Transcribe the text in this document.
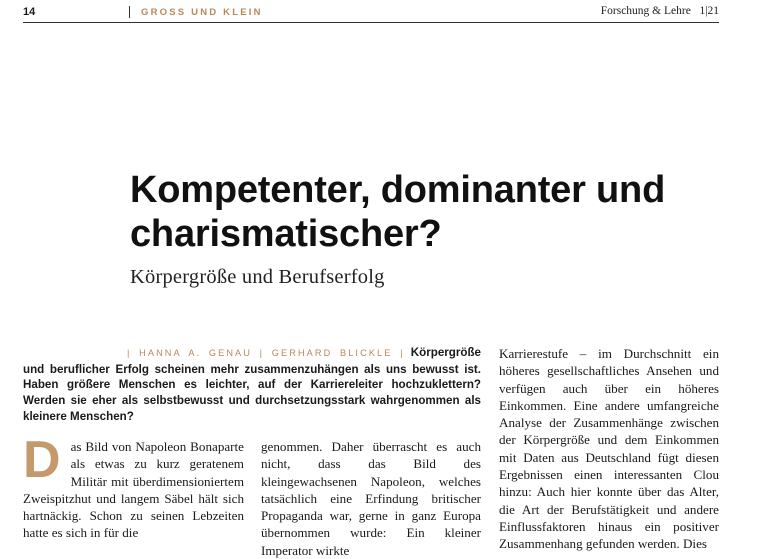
14	GROSS UND KLEIN	Forschung & Lehre   1|21
Kompetenter, dominanter und charismatischer?
Körpergröße und Berufserfolg
| HANNA A. GENAU | GERHARD BLICKLE | Körpergröße und beruflicher Erfolg scheinen mehr zusammenzuhängen als uns bewusst ist. Haben größere Menschen es leichter, auf der Karriereleiter hochzuklettern? Werden sie eher als selbstbewusst und durchsetzungsstark wahrgenommen als kleinere Menschen?
Das Bild von Napoleon Bonaparte als etwas zu kurz geratenem Militär mit überdimensioniertem Zweispitzhut und langem Säbel hält sich hartnäckig. Schon zu seinen Lebzeiten hatte es sich in für die
genommen. Daher überrascht es auch nicht, dass das Bild des kleingewachsenen Napoleon, welches tatsächlich eine Erfindung britischer Propaganda war, gerne in ganz Europa übernommen wurde: Ein kleiner Imperator wirkte
Karrierestufe – im Durchschnitt ein höheres gesellschaftliches Ansehen und verfügen auch über ein höheres Einkommen. Eine andere umfangreiche Analyse der Zusammenhänge zwischen der Körpergröße und dem Einkommen mit Daten aus Deutschland fügt diesen Ergebnissen einen interessanten Clou hinzu: Auch hier konnte über das Alter, die Art der Berufstätigkeit und andere Einflussfaktoren hinaus ein positiver Zusammenhang gefunden werden. Dies
